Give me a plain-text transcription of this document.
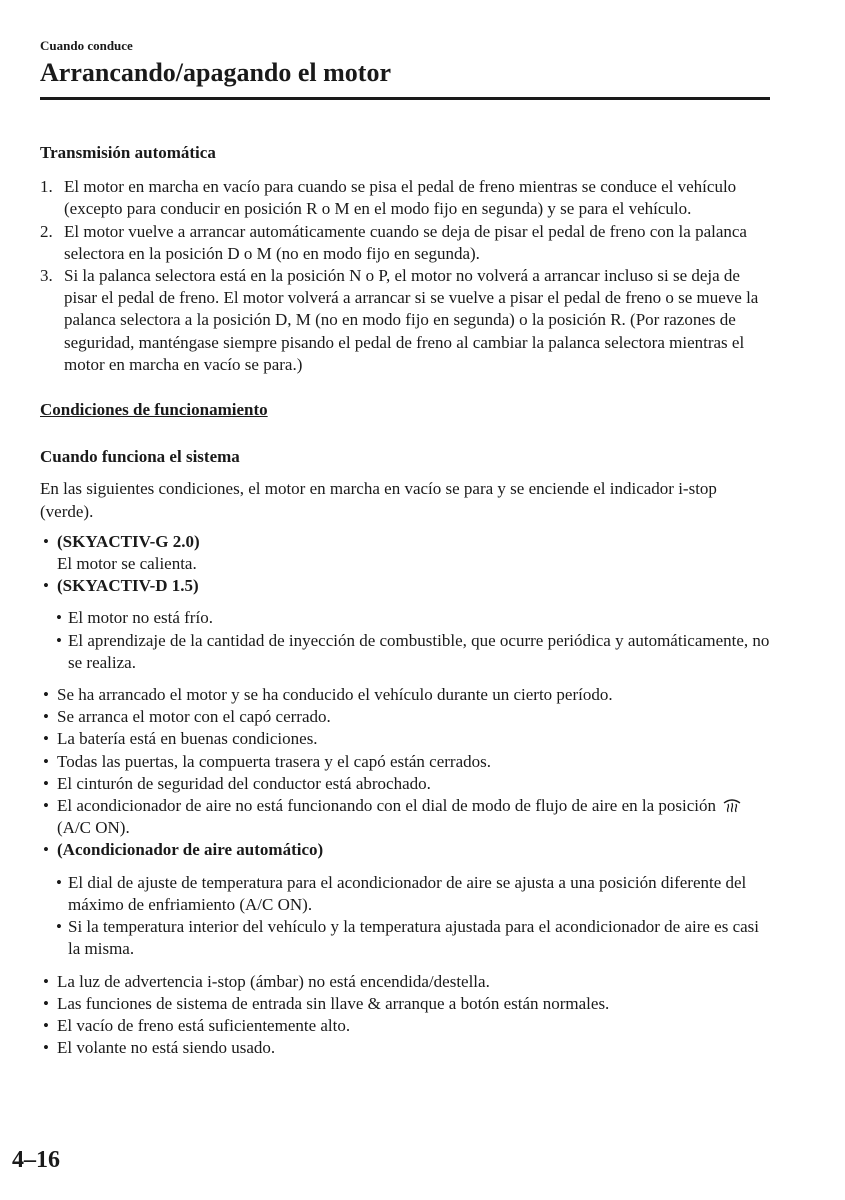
Cuando conduce
Arrancando/apagando el motor

Transmisión automática

1. El motor en marcha en vacío para cuando se pisa el pedal de freno mientras se conduce el vehículo (excepto para conducir en posición R o M en el modo fijo en segunda) y se para el vehículo.
2. El motor vuelve a arrancar automáticamente cuando se deja de pisar el pedal de freno con la palanca selectora en la posición D o M (no en modo fijo en segunda).
3. Si la palanca selectora está en la posición N o P, el motor no volverá a arrancar incluso si se deja de pisar el pedal de freno. El motor volverá a arrancar si se vuelve a pisar el pedal de freno o se mueve la palanca selectora a la posición D, M (no en modo fijo en segunda) o la posición R. (Por razones de seguridad, manténgase siempre pisando el pedal de freno al cambiar la palanca selectora mientras el motor en marcha en vacío se para.)

Condiciones de funcionamiento

Cuando funciona el sistema

En las siguientes condiciones, el motor en marcha en vacío se para y se enciende el indicador i-stop (verde).

• (SKYACTIV-G 2.0)

El motor se calienta.

• (SKYACTIV-D 1.5)
• El motor no está frío.
• El aprendizaje de la cantidad de inyección de combustible, que ocurre periódica y automáticamente, no se realiza.
• Se ha arrancado el motor y se ha conducido el vehículo durante un cierto período.
• Se arranca el motor con el capó cerrado.
• La batería está en buenas condiciones.
• Todas las puertas, la compuerta trasera y el capó están cerrados.
• El cinturón de seguridad del conductor está abrochado.
• El acondicionador de aire no está funcionando con el dial de modo de flujo de aire en la posición (A/C ON).
• (Acondicionador de aire automático)
• El dial de ajuste de temperatura para el acondicionador de aire se ajusta a una posición diferente del máximo de enfriamiento (A/C ON).
• Si la temperatura interior del vehículo y la temperatura ajustada para el acondicionador de aire es casi la misma.
• La luz de advertencia i-stop (ámbar) no está encendida/destella.
• Las funciones de sistema de entrada sin llave & arranque a botón están normales.
• El vacío de freno está suficientemente alto.
• El volante no está siendo usado.
4–16
